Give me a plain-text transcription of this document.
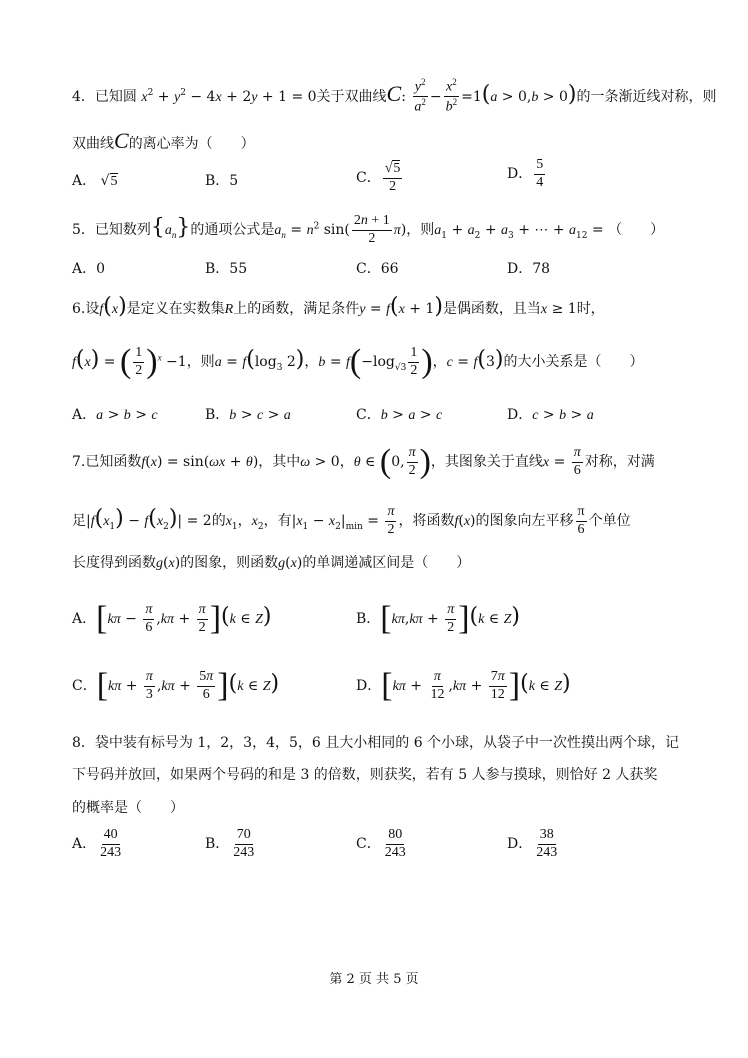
4．已知圆 $x^2 + y^2 - 4x + 2y + 1 = 0$关于双曲线C: $\frac{y^2}{a^2} - \frac{x^2}{b^2} =1(a > 0,b > 0)$的一条渐近线对称，则
双曲线C的离心率为（　　）
A． √5	B．5	C． $\frac{√5}{2}$	D． $\frac{5}{4}$
5．已知数列$\{a_n\}$的通项公式是$a_n = n^2$ $\sin( \frac{2n + 1}{2} \pi)$，则$a_1 + a_2 + a_3$ + ⋯ + $a_{12}$ = （　　）
A．0	B．55	C．66	D．78
6.设f(x)是定义在实数集R上的函数，满足条件y = f(x + 1)是偶函数，且当x ≥ 1时，
f(x) = ( $\frac{1}{2} )^x -1$，则$a = f(\log_3$ 2)，$b = f(-\log_{√3} \frac{1}{2}$ )，c = f(3)的大小关系是（　　）
A．a > b > c	B．b > c > a	C．b > a > c	D．c > b > a
7.已知函数f(x) = sin(ωx + θ)，其中ω > 0，θ ∈ (0, $\frac{\pi}{2}$ )，其图象关于直线$x = \frac{\pi}{6}$ 对称，对满
足$|f(x_1) - f(x_2)| = 2$的$x_1$，$x_2$，有$|x_1 - x_2|_{min} = \frac{\pi}{2}$ ，将函数f(x)的图象向左平移 $\frac{\pi}{6}$ 个单位
长度得到函数g(x)的图象，则函数g(x)的单调递减区间是（　　）
A．$[k\pi - \frac{\pi}{6} ,k\pi + \frac{\pi}{2} ](k$ ∈ Z)	B．$[k\pi,k\pi + \frac{\pi}{2} ](k$ ∈ Z)
C．$[k\pi + \frac{\pi}{3} ,k\pi + \frac{5\pi}{6} ](k$ ∈ Z)	D．$[k\pi + \frac{\pi}{12} ,k\pi + \frac{7\pi}{12} ](k$ ∈ Z)
8．袋中装有标号为 1，2，3，4，5，6 且大小相同的 6 个小球，从袋子中一次性摸出两个球，记
下号码并放回，如果两个号码的和是 3 的倍数，则获奖，若有 5 人参与摸球，则恰好 2 人获奖
的概率是（　　）
A． $\frac{40}{243}$	B． $\frac{70}{243}$	C． $\frac{80}{243}$	D． $\frac{38}{243}$
第 2 页 共 5 页
